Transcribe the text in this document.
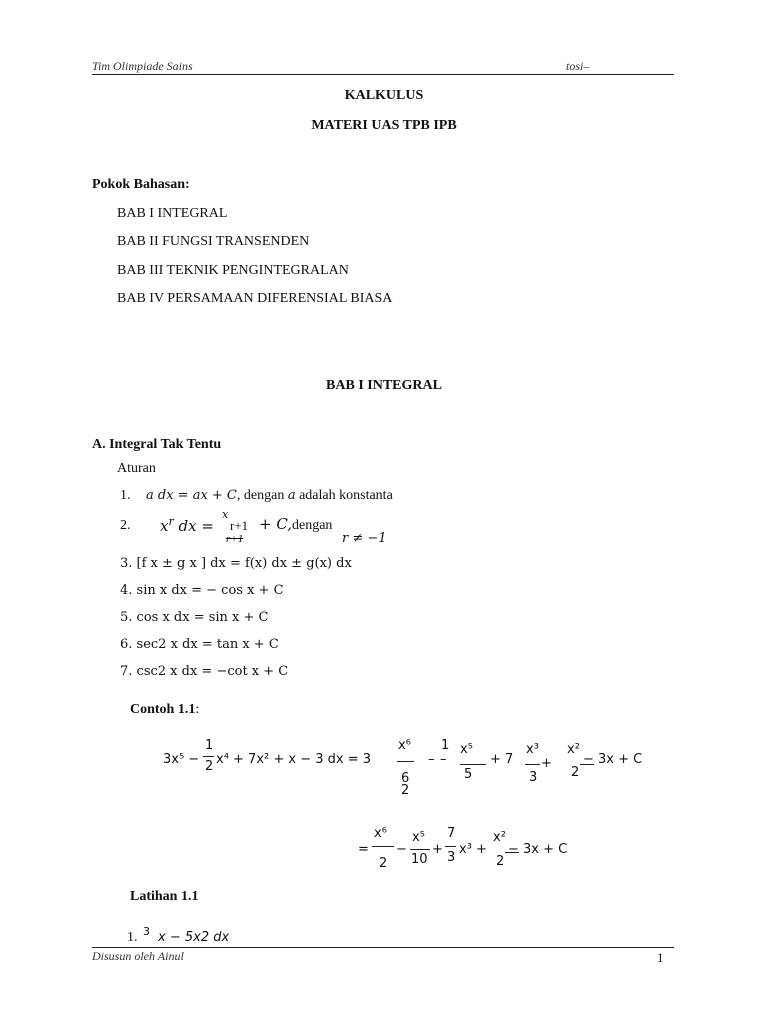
Tim Olimpiade Sains	tosi–
KALKULUS
MATERI UAS TPB IPB
Pokok Bahasan:
BAB I INTEGRAL
BAB II FUNGSI TRANSENDEN
BAB III TEKNIK PENGINTEGRALAN
BAB IV PERSAMAAN DIFERENSIAL BIASA
BAB I INTEGRAL
A. Integral Tak Tentu
Aturan
1. a dx = ax + C, dengan a adalah konstanta
2. $x^r$ dx =
x
r+1 + C,
r+1
dengan
r ≠ −1
3. [f x ± g x ] dx = f(x) dx ± g(x) dx
4. sin x dx = − cos x + C
5. cos x dx = sin x + C
6. sec2 x dx = tan x + C
7. csc2 x dx = −cot x + C
Contoh 1.1:
3x⁵ −
1
2 x⁴ + 7x² + x − 3 dx = 3
x⁶
6
2
–
1
–
x⁵
5
+ 7
x³
3
+
x²
2
− 3x + C
=
x⁶
2
−
x⁵
10
+
7
3
x³ +
x²
2
− 3x + C
Latihan 1.1
1. 3 x − 5x2 dx
Disusun oleh Ainul	1
